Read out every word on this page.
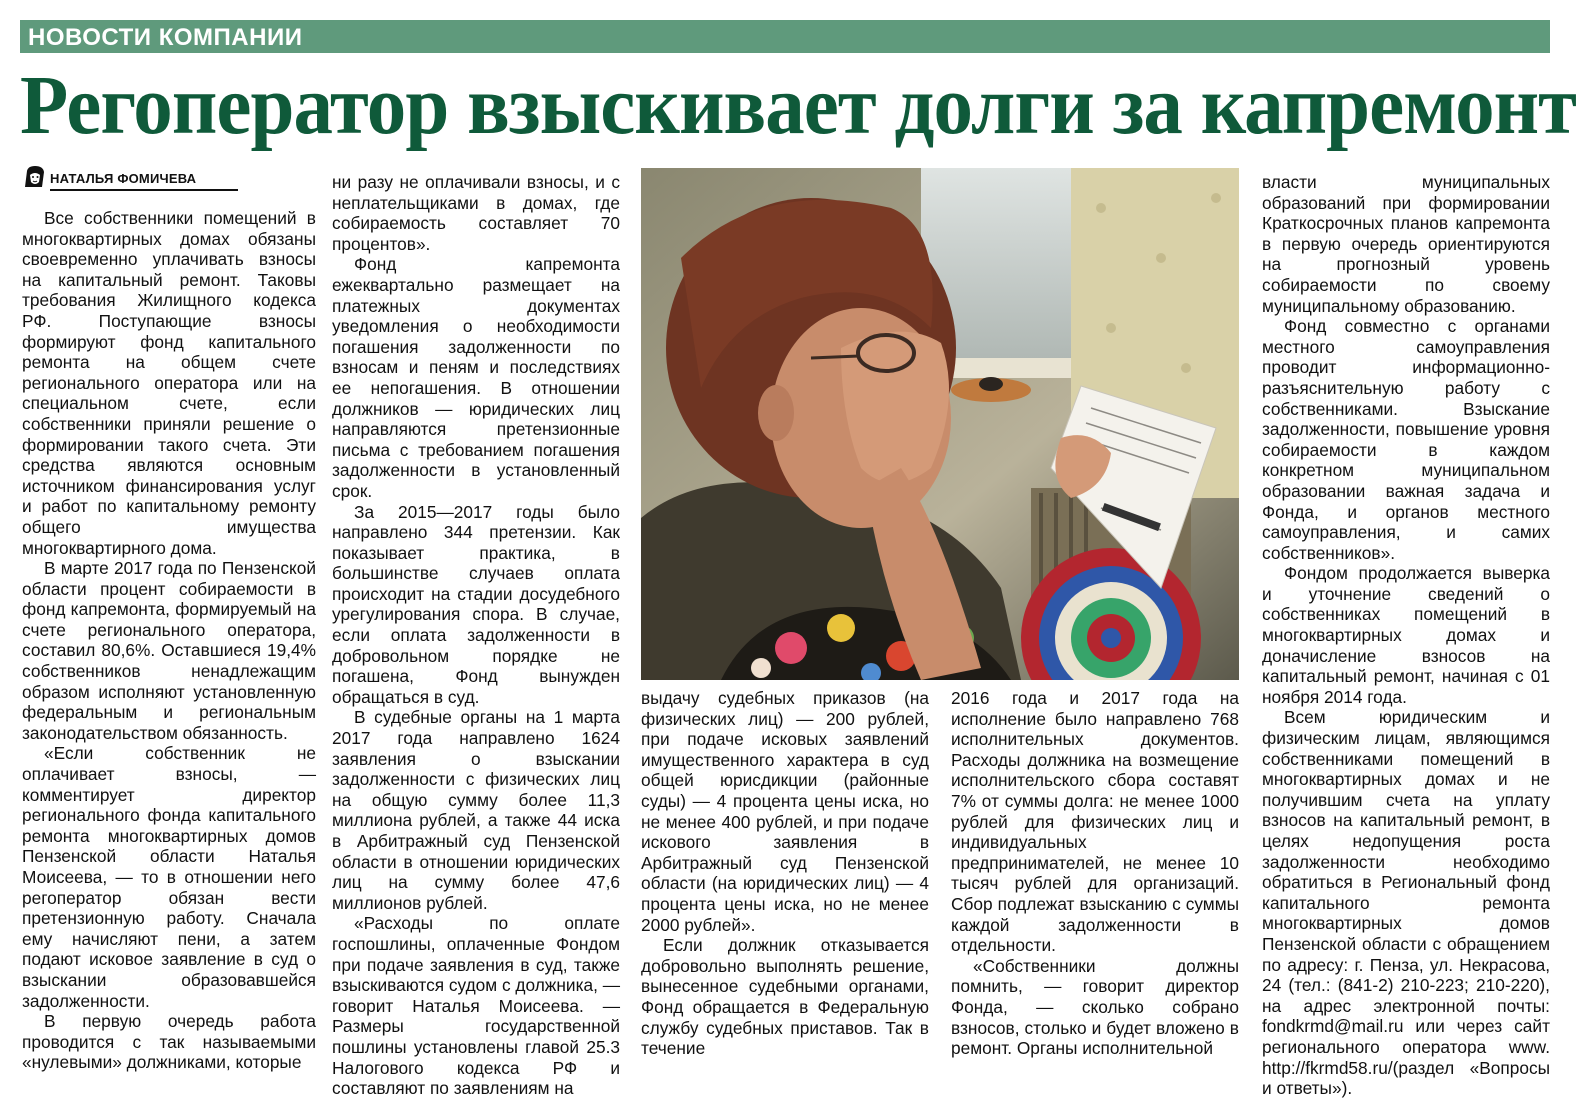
НОВОСТИ КОМПАНИИ
Регоператор взыскивает долги за капремонт
НАТАЛЬЯ ФОМИЧЕВА

Все собственники помещений в многоквартирных домах обязаны своевременно уплачивать взносы на капитальный ремонт. Таковы требования Жилищного кодекса РФ. Поступающие взносы формируют фонд капитального ремонта на общем счете регионального оператора или на специальном счете, если собственники приняли решение о формировании такого счета. Эти средства являются основным источником финансирования услуг и работ по капитальному ремонту общего имущества многоквартирного дома.

В марте 2017 года по Пензенской области процент собираемости в фонд капремонта, формируемый на счете регионального оператора, составил 80,6%. Оставшиеся 19,4% собственников ненадлежащим образом исполняют установленную федеральным и региональным законодательством обязанность.

«Если собственник не оплачивает взносы, — комментирует директор регионального фонда капитального ремонта многоквартирных домов Пензенской области Наталья Моисеева, — то в отношении него регоператор обязан вести претензионную работу. Сначала ему начисляют пени, а затем подают исковое заявление в суд о взыскании образовавшейся задолженности.

В первую очередь работа проводится с так называемыми «нулевыми» должниками, которые

ни разу не оплачивали взносы, и с неплательщиками в домах, где собираемость составляет 70 процентов».

Фонд капремонта ежеквартально размещает на платежных документах уведомления о необходимости погашения задолженности по взносам и пеням и последствиях ее непогашения. В отношении должников — юридических лиц направляются претензионные письма с требованием погашения задолженности в установленный срок.

За 2015—2017 годы было направлено 344 претензии. Как показывает практика, в большинстве случаев оплата происходит на стадии досудебного урегулирования спора. В случае, если оплата задолженности в добровольном порядке не погашена, Фонд вынужден обращаться в суд.

В судебные органы на 1 марта 2017 года направлено 1624 заявления о взыскании задолженности с физических лиц на общую сумму более 11,3 миллиона рублей, а также 44 иска в Арбитражный суд Пензенской области в отношении юридических лиц на сумму более 47,6 миллионов рублей.

«Расходы по оплате госпошлины, оплаченные Фондом при подаче заявления в суд, также взыскиваются судом с должника, — говорит Наталья Моисеева. — Размеры государственной пошлины установлены главой 25.3 Налогового кодекса РФ и составляют по заявлениям на

выдачу судебных приказов (на физических лиц) — 200 рублей, при подаче исковых заявлений имущественного характера в суд общей юрисдикции (районные суды) — 4 процента цены иска, но не менее 400 рублей, и при подаче искового заявления в Арбитражный суд Пензенской области (на юридических лиц) — 4 процента цены иска, но не менее 2000 рублей».

Если должник отказывается добровольно выполнять решение, вынесенное судебными органами, Фонд обращается в Федеральную службу судебных приставов. Так в течение

2016 года и 2017 года на исполнение было направлено 768 исполнительных документов. Расходы должника на возмещение исполнительского сбора составят 7% от суммы долга: не менее 1000 рублей для физических лиц и индивидуальных предпринимателей, не менее 10 тысяч рублей для организаций. Сбор подлежат взысканию с суммы каждой задолженности в отдельности.

«Собственники должны помнить, — говорит директор Фонда, — сколько собрано взносов, столько и будет вложено в ремонт. Органы исполнительной

власти муниципальных образований при формировании Краткосрочных планов капремонта в первую очередь ориентируются на прогнозный уровень собираемости по своему муниципальному образованию.

Фонд совместно с органами местного самоуправления проводит информационно-разъяснительную работу с собственниками. Взыскание задолженности, повышение уровня собираемости в каждом конкретном муниципальном образовании важная задача и Фонда, и органов местного самоуправления, и самих собственников».

Фондом продолжается выверка и уточнение сведений о собственниках помещений в многоквартирных домах и доначисление взносов на капитальный ремонт, начиная с 01 ноября 2014 года.

Всем юридическим и физическим лицам, являющимся собственниками помещений в многоквартирных домах и не получившим счета на уплату взносов на капитальный ремонт, в целях недопущения роста задолженности необходимо обратиться в Региональный фонд капитального ремонта многоквартирных домов Пензенской области с обращением по адресу: г. Пенза, ул. Некрасова, 24 (тел.: (841-2) 210-223; 210-220), на адрес электронной почты: fondkrmd@mail.ru или через сайт регионального оператора www. http://fkrmd58.ru/(раздел «Вопросы и ответы»).
